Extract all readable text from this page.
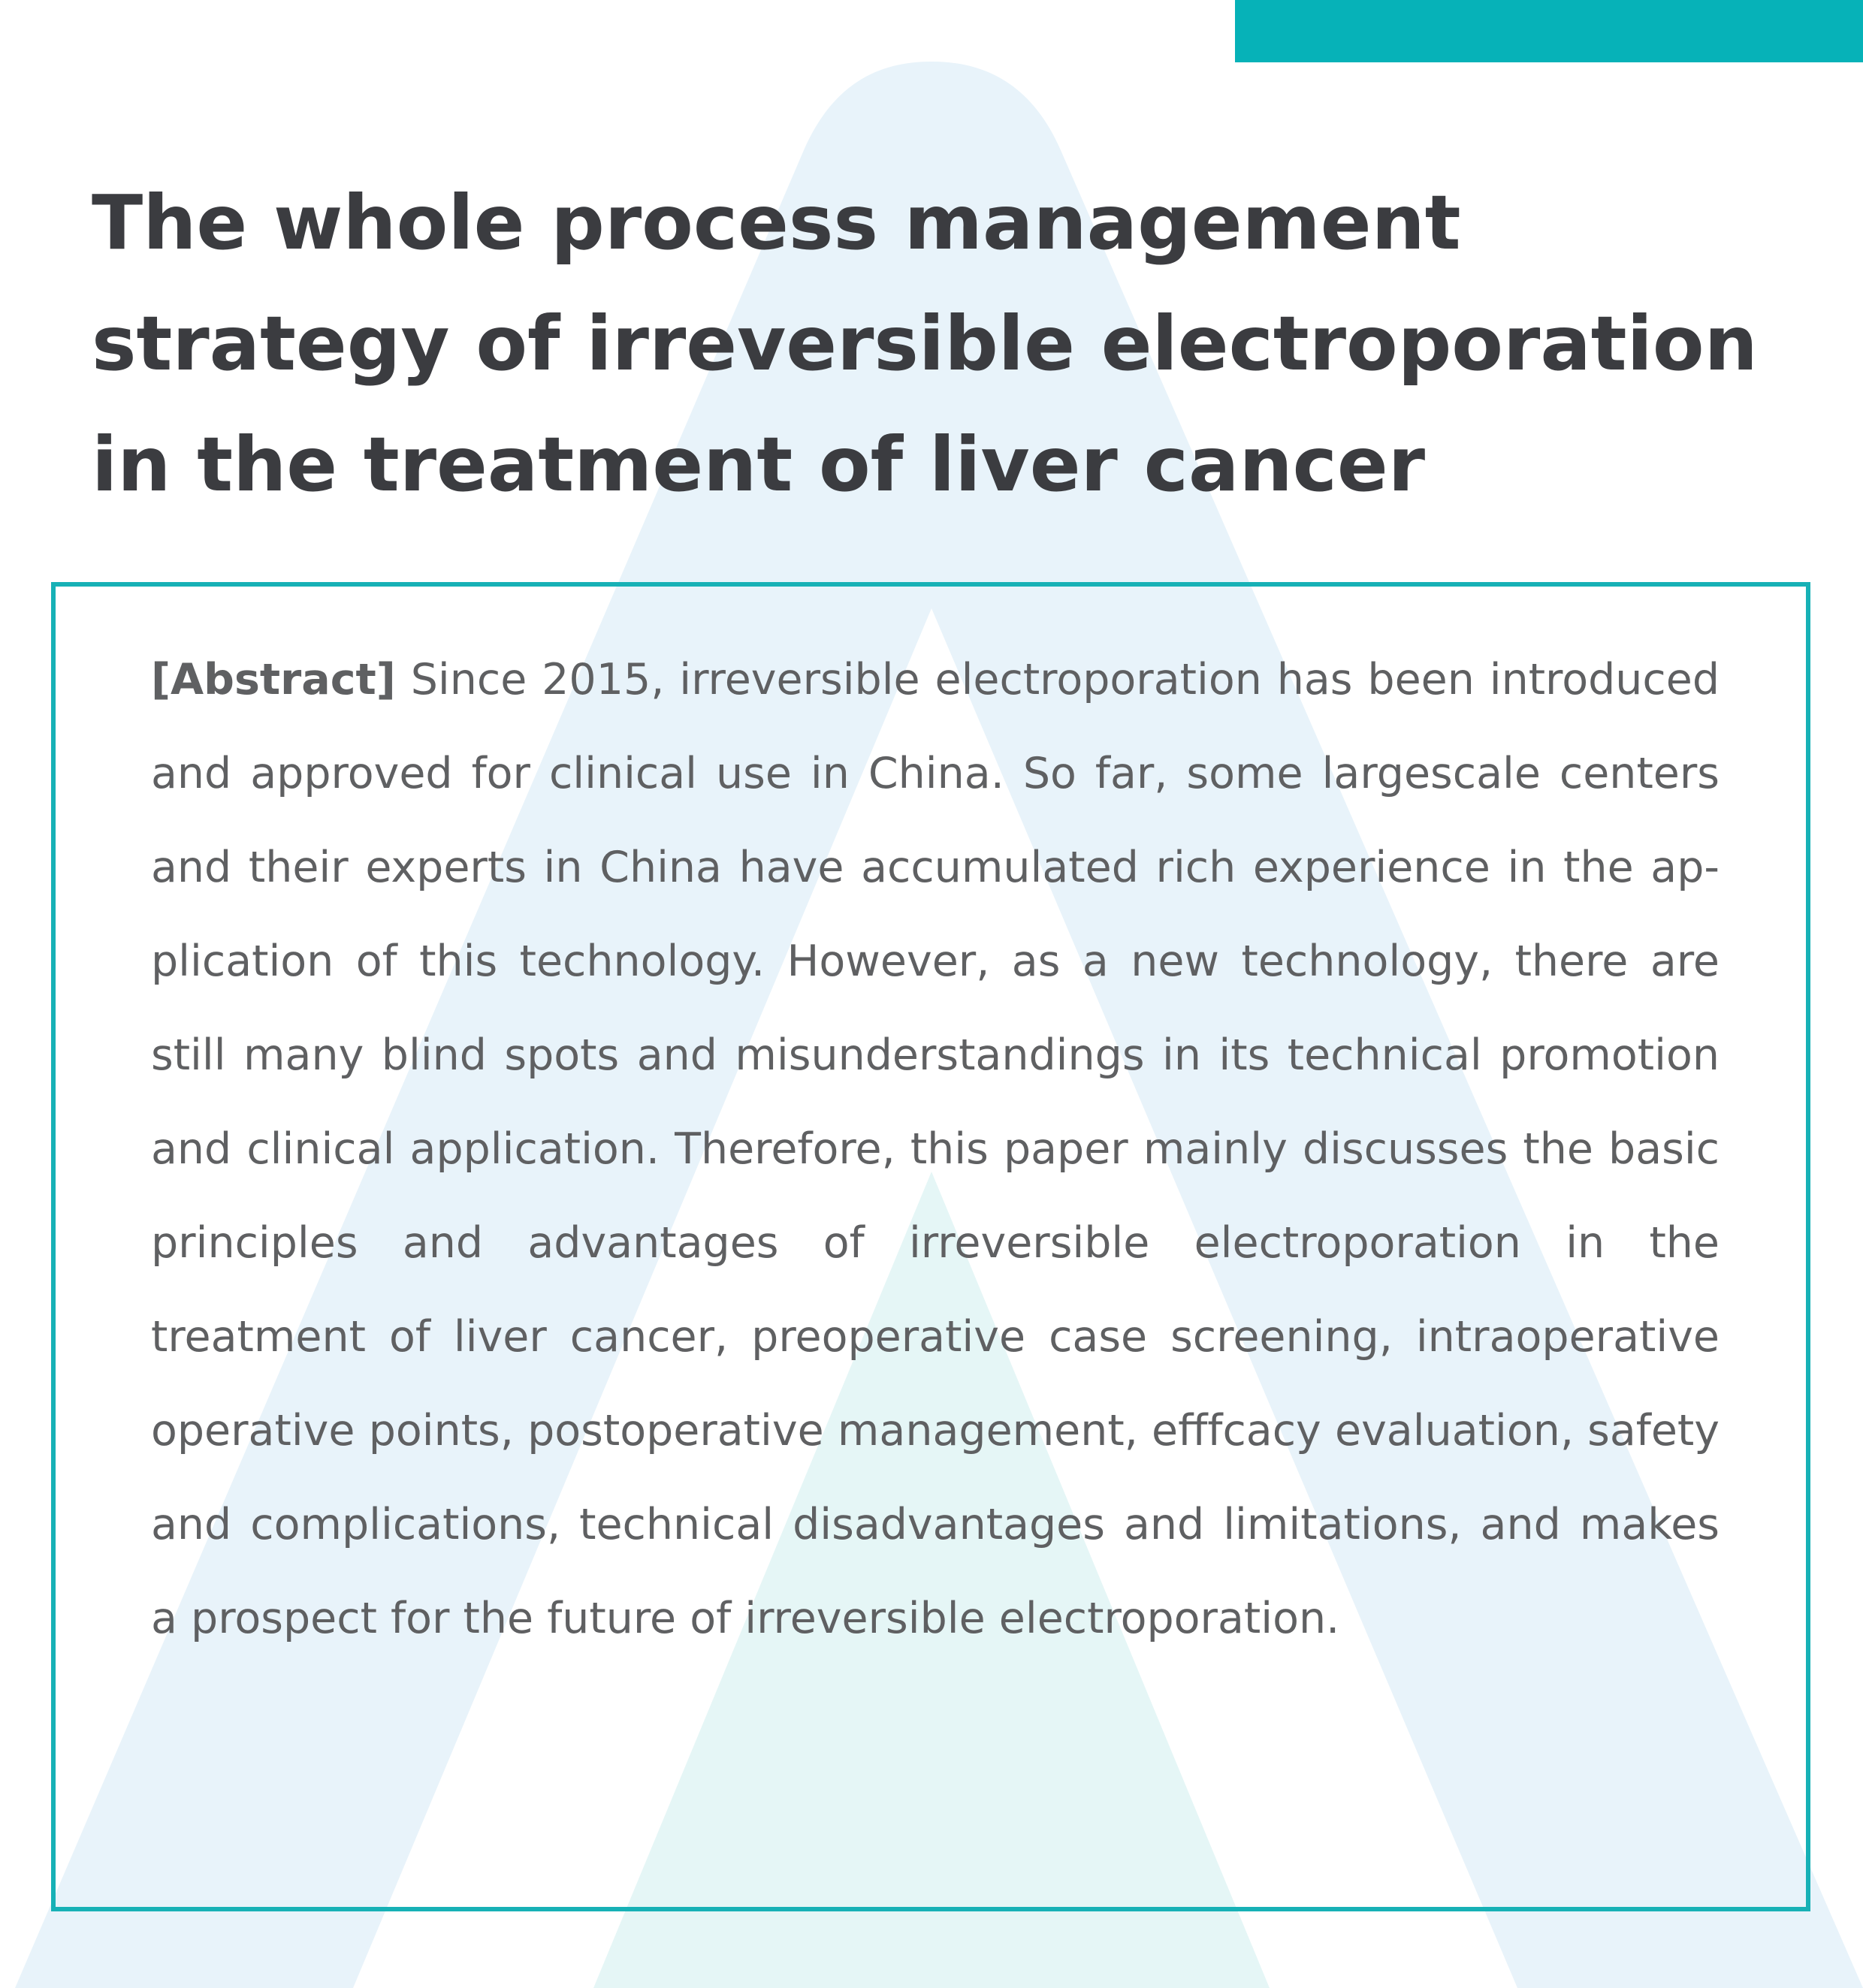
The whole process management strategy of irreversible electroporation in the treatment of liver cancer

[Abstract] Since 2015, irreversible electroporation has been introduced and approved for clinical use in China. So far, some largescale centers and their experts in China have accumulated rich experience in the application of this technology. However, as a new technology, there are still many blind spots and misunderstandings in its technical promotion and clinical application. Therefore, this paper mainly discusses the basic principles and advantages of irreversible electroporation in the treatment of liver cancer, preoperative case screening, intraoperative operative points, postoperative management, efffcacy evaluation, safety and complications, technical disadvantages and limitations, and makes a prospect for the future of irreversible electroporation.
